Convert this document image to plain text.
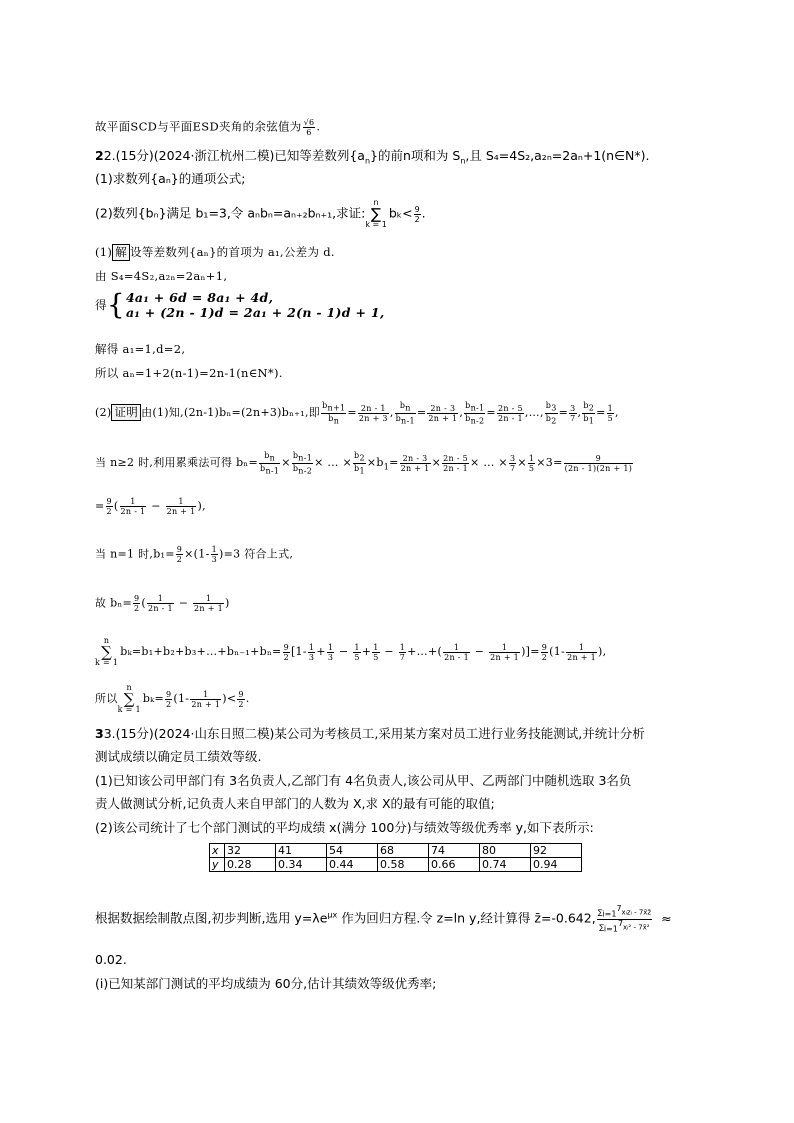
故平面SCD与平面ESD夹角的余弦值为 $\frac{√6}{6}$ .
22.(15分)(2024·浙江杭州二模)已知等差数列$\{a_n\}$的前n项和为 $S_n$,且 S₄=4S₂,a₂ₙ=2aₙ+1(n∈N*).
(1)求数列{aₙ}的通项公式;
(2)数列{bₙ}满足 b₁=3,令 aₙbₙ=aₙ₊₂bₙ₊₁,求证:n
∑
$k = 1b_k< \frac{9}{2}$ .
(1) 解 设等差数列{aₙ}的首项为 a₁,公差为 d.
由 S₄=4S₂,a₂ₙ=2aₙ+1,
得{ 4a₁ + 6d = 8a₁ + 4d,
a₁ + (2n - 1)d = 2a₁ + 2(n - 1)d + 1,
解得 a₁=1,d=2,
所以 aₙ=1+2(n-1)=2n-1(n∈N*).
(2) 证明 由(1)知,(2n-1)bₙ=(2n+3)bₙ₊₁,即 $\frac{b_{n+1}}{b_n} = \frac{2n - 1}{2n + 3}$ , $\frac{b_n}{b_{n-1}} = \frac{2n - 3}{2n + 1}$ , $\frac{b_{n-1}}{b_{n-2}} = \frac{2n - 5}{2n - 1}$ ,…, $\frac{b_3}{b_2} = \frac{3}{7}$ , $\frac{b_2}{b_1} = \frac{1}{5}$ ,
当 n≥2 时,利用累乘法可得 $b_n= \frac{b_n}{b_{n-1}} \times \frac{b_{n-1}}{b_{n-2}}$ × … × $\frac{b_2}{b_1} \times b_1= \frac{2n - 3}{2n + 1} \times \frac{2n - 5}{2n - 1}$ × … × $\frac{3}{7} \times \frac{1}{5} \times 3= \frac{9}{(2n - 1)(2n + 1)}$
= $\frac{9}{2}$ ( $\frac{1}{2n - 1} - \frac{1}{2n + 1}$ ),
当 n=1 时$,b_1= \frac{9}{2} \times(1- \frac{1}{3} )=3$ 符合上式,
故 $b_n= \frac{9}{2}$ ( $\frac{1}{2n - 1} - \frac{1}{2n + 1}$ )
n
∑
k = 1bₖ=b₁+b₂+b₃+…+bₙ₋₁+bₙ= $\frac{9}{2} [1- \frac{1}{3} + \frac{1}{3} - \frac{1}{5} + \frac{1}{5} - \frac{1}{7}$ +…+( $\frac{1}{2n - 1} - \frac{1}{2n + 1}$ )]= $\frac{9}{2} (1- \frac{1}{2n + 1}$ ),
所以n
∑
$k = 1b_k= \frac{9}{2} (1- \frac{1}{2n + 1}$ )< $\frac{9}{2}$ .
33.(15分)(2024·山东日照二模)某公司为考核员工,采用某方案对员工进行业务技能测试,并统计分析
测试成绩以确定员工绩效等级.
(1)已知该公司甲部门有 3名负责人,乙部门有 4名负责人,该公司从甲、乙两部门中随机选取 3名负
责人做测试分析,记负责人来自甲部门的人数为 X,求 X的最有可能的取值;
(2)该公司统计了七个部门测试的平均成绩 x(满分 100分)与绩效等级优秀率 y,如下表所示:
x	32	41	54	68	74	80	92
y	0.28	0.34	0.44	0.58	0.66	0.74	0.94
根据数据绘制散点图,初步判断,选用 $y=\lambda e^{\mu x}$ 作为回归方程.令 z=ln y,经计算得 z̄=-0.642, $\frac{\sum_{i=1}^7xᵢzᵢ - 7x̄z̄}{\sum_{i=1}^7xᵢ^2 - 7x̄^2}$ ≈
0.02.
(ⅰ)已知某部门测试的平均成绩为 60分,估计其绩效等级优秀率;
